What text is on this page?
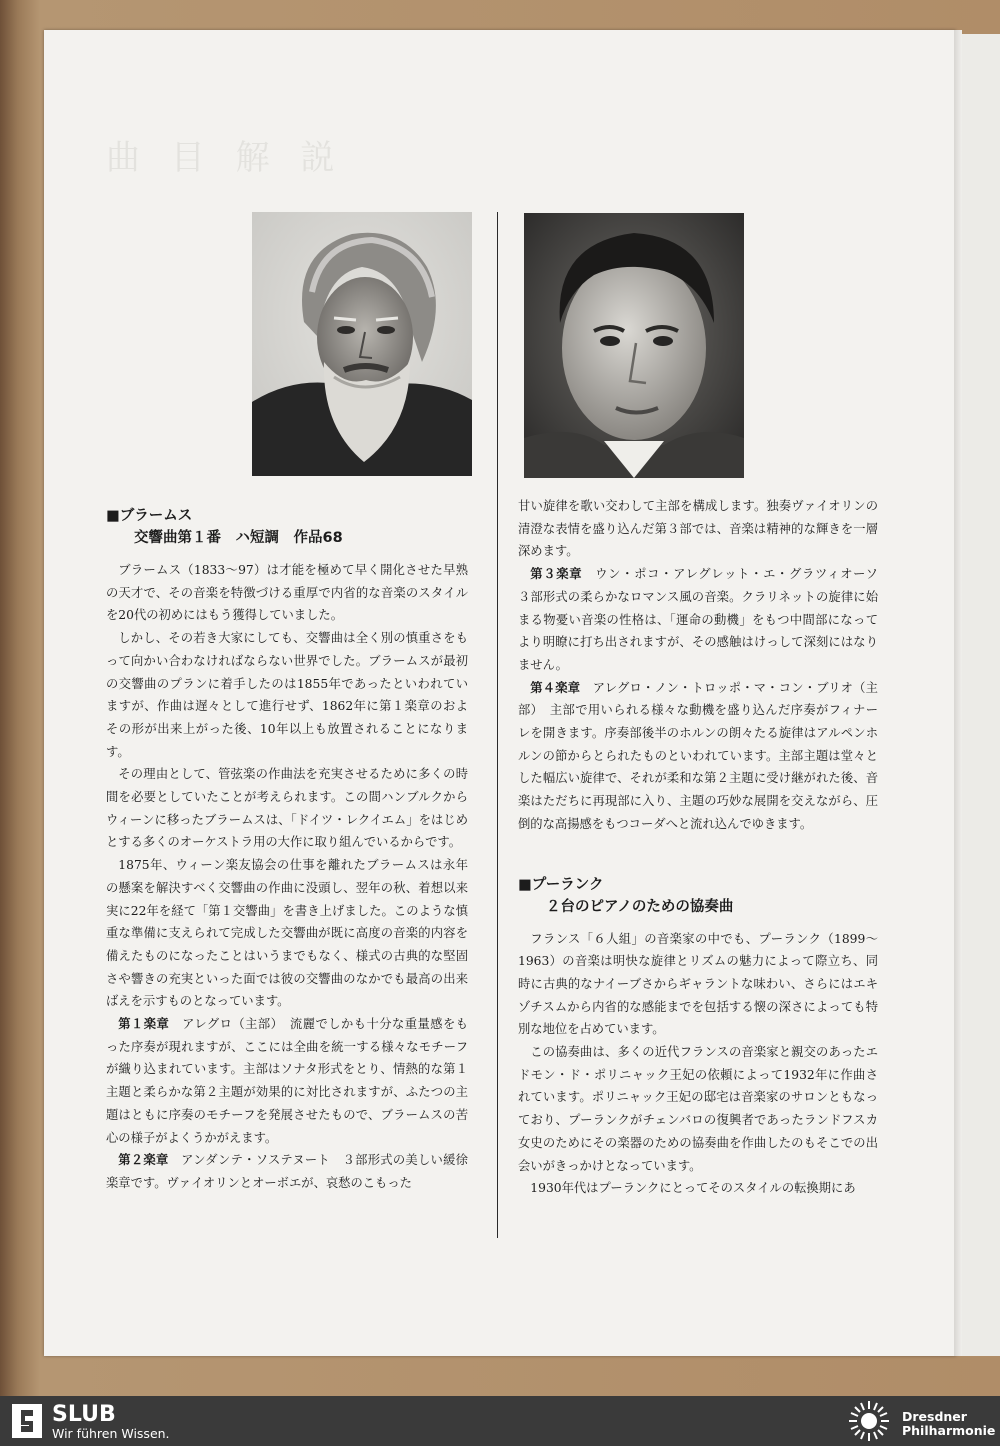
曲 目 解 説
■ブラームス
交響曲第１番　ハ短調　作品68

ブラームス（1833～97）は才能を極めて早く開化させた早熟の天才で、その音楽を特徴づける重厚で内省的な音楽のスタイルを20代の初めにはもう獲得していました。

しかし、その若き大家にしても、交響曲は全く別の慎重さをもって向かい合わなければならない世界でした。ブラームスが最初の交響曲のプランに着手したのは1855年であったといわれていますが、作曲は遅々として進行せず、1862年に第１楽章のおよその形が出来上がった後、10年以上も放置されることになります。

その理由として、管弦楽の作曲法を充実させるために多くの時間を必要としていたことが考えられます。この間ハンブルクからウィーンに移ったブラームスは、「ドイツ・レクイエム」をはじめとする多くのオーケストラ用の大作に取り組んでいるからです。

1875年、ウィーン楽友協会の仕事を離れたブラームスは永年の懸案を解決すべく交響曲の作曲に没頭し、翌年の秋、着想以来実に22年を経て「第１交響曲」を書き上げました。このような慎重な準備に支えられて完成した交響曲が既に高度の音楽的内容を備えたものになったことはいうまでもなく、様式の古典的な堅固さや響きの充実といった面では彼の交響曲のなかでも最高の出来ばえを示すものとなっています。

第１楽章　 アレグロ（主部）　流麗でしかも十分な重量感をもった序奏が現れますが、ここには全曲を統一する様々なモチーフが織り込まれています。主部はソナタ形式をとり、情熱的な第１主題と柔らかな第２主題が効果的に対比されますが、ふたつの主題はともに序奏のモチーフを発展させたもので、ブラームスの苦心の様子がよくうかがえます。

第２楽章　 アンダンテ・ソステヌート　３部形式の美しい緩徐楽章です。ヴァイオリンとオーボエが、哀愁のこもった

甘い旋律を歌い交わして主部を構成します。独奏ヴァイオリンの清澄な表情を盛り込んだ第３部では、音楽は精神的な輝きを一層深めます。

第３楽章　 ウン・ポコ・アレグレット・エ・グラツィオーソ　３部形式の柔らかなロマンス風の音楽。クラリネットの旋律に始まる物憂い音楽の性格は、「運命の動機」をもつ中間部になってより明瞭に打ち出されますが、その感触はけっして深刻にはなりません。

第４楽章　 アレグロ・ノン・トロッポ・マ・コン・ブリオ（主部）　主部で用いられる様々な動機を盛り込んだ序奏がフィナーレを開きます。序奏部後半のホルンの朗々たる旋律はアルペンホルンの節からとられたものといわれています。主部主題は堂々とした幅広い旋律で、それが柔和な第２主題に受け継がれた後、音楽はただちに再現部に入り、主題の巧妙な展開を交えながら、圧倒的な高揚感をもつコーダへと流れ込んでゆきます。

■プーランク
２台のピアノのための協奏曲

フランス「６人組」の音楽家の中でも、プーランク（1899～1963）の音楽は明快な旋律とリズムの魅力によって際立ち、同時に古典的なナイーブさからギャラントな味わい、さらにはエキゾチスムから内省的な感能までを包括する懐の深さによっても特別な地位を占めています。

この協奏曲は、多くの近代フランスの音楽家と親交のあったエドモン・ド・ポリニャック王妃の依頼によって1932年に作曲されています。ポリニャック王妃の邸宅は音楽家のサロンともなっており、プーランクがチェンバロの復興者であったランドフスカ女史のためにその楽器のための協奏曲を作曲したのもそこでの出会いがきっかけとなっています。

1930年代はプーランクにとってそのスタイルの転換期にあ

SLUB
Wir führen Wissen.
Dresdner
Philharmonie
